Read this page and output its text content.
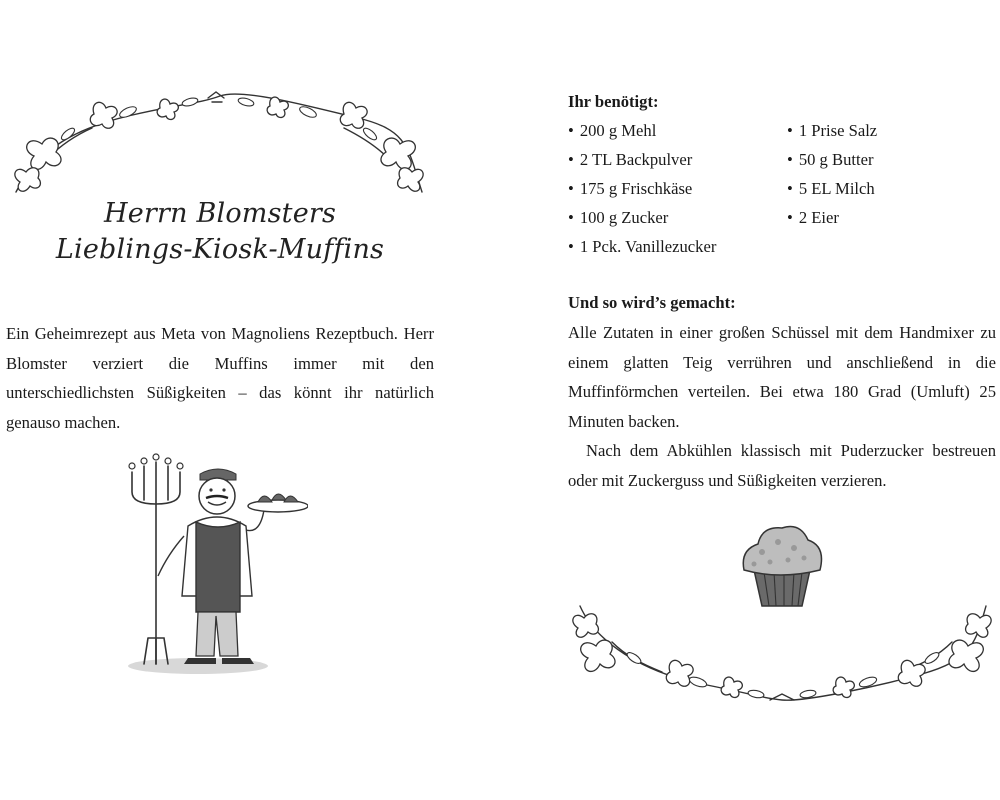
Herrn Blomsters
Lieblings-Kiosk-Muffins

Ein Geheimrezept aus Meta von Magnoliens Rezeptbuch. Herr Blomster verziert die Muffins immer mit den unterschiedlichsten Süßigkeiten – das könnt ihr natürlich genauso machen.

Ihr benötigt:
• 200 g Mehl
• 2 TL Backpulver
• 175 g Frischkäse
• 100 g Zucker
• 1 Pck. Vanillezucker
• 1 Prise Salz
• 50 g Butter
• 5 EL Milch
• 2 Eier
Und so wird’s gemacht:

Alle Zutaten in einer großen Schüssel mit dem Handmixer zu einem glatten Teig verrühren und anschließend in die Muffinförmchen verteilen. Bei etwa 180 Grad (Umluft) 25 Minuten backen.

Nach dem Abkühlen klassisch mit Puderzucker bestreuen oder mit Zuckerguss und Süßigkeiten verzieren.
